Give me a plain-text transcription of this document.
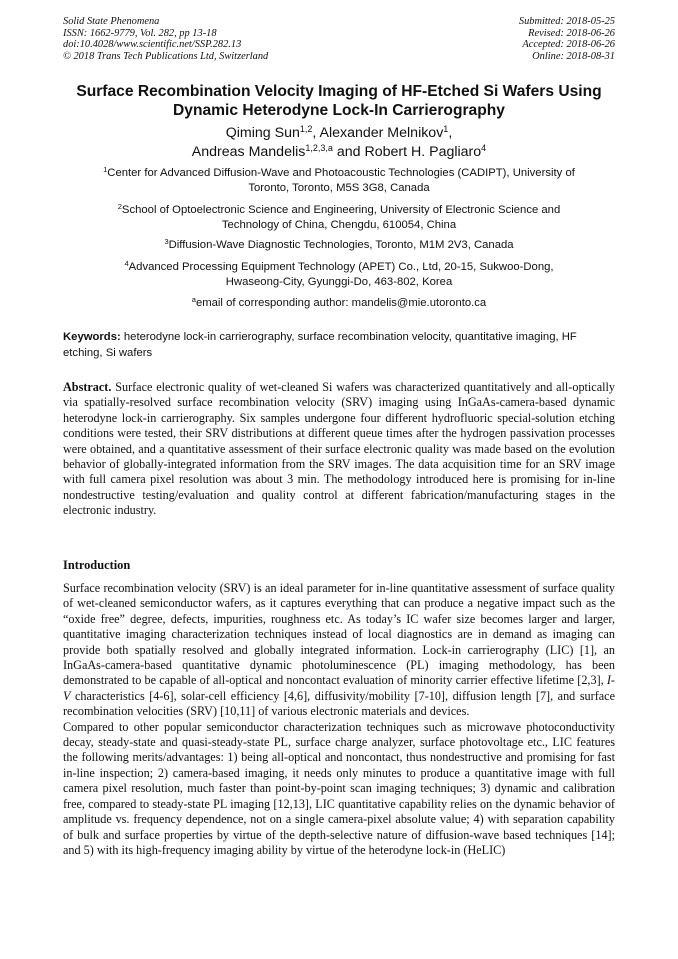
Solid State Phenomena
ISSN: 1662-9779, Vol. 282, pp 13-18
doi:10.4028/www.scientific.net/SSP.282.13
© 2018 Trans Tech Publications Ltd, Switzerland
Submitted: 2018-05-25
Revised: 2018-06-26
Accepted: 2018-06-26
Online: 2018-08-31
Surface Recombination Velocity Imaging of HF-Etched Si Wafers Using
Dynamic Heterodyne Lock-In Carrierography
Qiming Sun$^{1,2}$, Alexander Melnikov$^1$,
Andreas Mandelis$^{1,2,3,a}$ and Robert H. Pagliaro$^4$
$^1$Center for Advanced Diffusion-Wave and Photoacoustic Technologies (CADIPT), University of
Toronto, Toronto, M5S 3G8, Canada
$^2$School of Optoelectronic Science and Engineering, University of Electronic Science and
Technology of China, Chengdu, 610054, China
$^3$Diffusion-Wave Diagnostic Technologies, Toronto, M1M 2V3, Canada
$^4$Advanced Processing Equipment Technology (APET) Co., Ltd, 20-15, Sukwoo-Dong,
Hwaseong-City, Gyunggi-Do, 463-802, Korea
$^a$email of corresponding author: mandelis@mie.utoronto.ca
Keywords: heterodyne lock-in carrierography, surface recombination velocity, quantitative imaging, HF etching, Si wafers

Abstract. Surface electronic quality of wet-cleaned Si wafers was characterized quantitatively and all-optically via spatially-resolved surface recombination velocity (SRV) imaging using InGaAs-camera-based dynamic heterodyne lock-in carrierography. Six samples undergone four different hydrofluoric special-solution etching conditions were tested, their SRV distributions at different queue times after the hydrogen passivation processes were obtained, and a quantitative assessment of their surface electronic quality was made based on the evolution behavior of globally-integrated information from the SRV images. The data acquisition time for an SRV image with full camera pixel resolution was about 3 min. The methodology introduced here is promising for in-line nondestructive testing/evaluation and quality control at different fabrication/manufacturing stages in the electronic industry.

Introduction

Surface recombination velocity (SRV) is an ideal parameter for in-line quantitative assessment of surface quality of wet-cleaned semiconductor wafers, as it captures everything that can produce a negative impact such as the “oxide free” degree, defects, impurities, roughness etc. As today’s IC wafer size becomes larger and larger, quantitative imaging characterization techniques instead of local diagnostics are in demand as imaging can provide both spatially resolved and globally integrated information. Lock-in carrierography (LIC) [1], an InGaAs-camera-based quantitative dynamic photoluminescence (PL) imaging methodology, has been demonstrated to be capable of all-optical and noncontact evaluation of minority carrier effective lifetime [2,3], I-V characteristics [4-6], solar-cell efficiency [4,6], diffusivity/mobility [7-10], diffusion length [7], and surface recombination velocities (SRV) [10,11] of various electronic materials and devices.

Compared to other popular semiconductor characterization techniques such as microwave photoconductivity decay, steady-state and quasi-steady-state PL, surface charge analyzer, surface photovoltage etc., LIC features the following merits/advantages: 1) being all-optical and noncontact, thus nondestructive and promising for fast in-line inspection; 2) camera-based imaging, it needs only minutes to produce a quantitative image with full camera pixel resolution, much faster than point-by-point scan imaging techniques; 3) dynamic and calibration free, compared to steady-state PL imaging [12,13], LIC quantitative capability relies on the dynamic behavior of amplitude vs. frequency dependence, not on a single camera-pixel absolute value; 4) with separation capability of bulk and surface properties by virtue of the depth-selective nature of diffusion-wave based techniques [14]; and 5) with its high-frequency imaging ability by virtue of the heterodyne lock-in (HeLIC)
